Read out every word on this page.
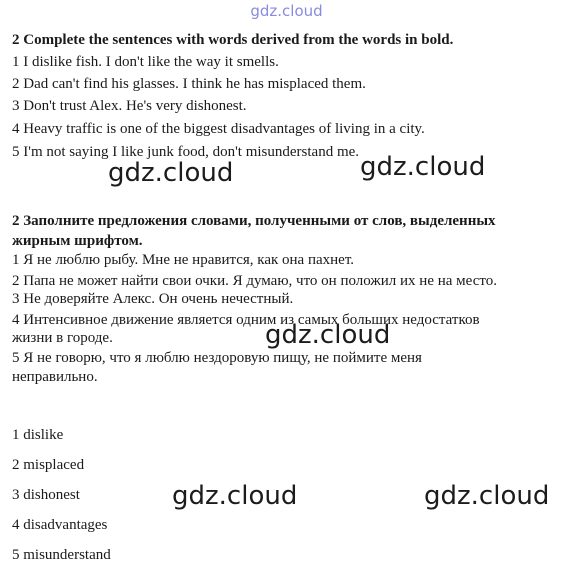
gdz.cloud
2 Complete the sentences with words derived from the words in bold.
1 I dislike fish. I don't like the way it smells.
2 Dad can't find his glasses. I think he has misplaced them.
3 Don't trust Alex. He's very dishonest.
4 Heavy traffic is one of the biggest disadvantages of living in a city.
5 I'm not saying I like junk food, don't misunderstand me.
gdz.cloud	gdz.cloud
2 Заполните предложения словами, полученными от слов, выделенных
жирным шрифтом.
1 Я не люблю рыбу. Мне не нравится, как она пахнет.
2 Папа не может найти свои очки. Я думаю, что он положил их не на место.
3 Не доверяйте Алекс. Он очень нечестный.
4 Интенсивное движение является одним из самых больших недостатков
жизни в городе.
5 Я не говорю, что я люблю нездоровую пищу, не поймите меня
неправильно.
gdz.cloud
1 dislike
2 misplaced
3 dishonest
4 disadvantages
5 misunderstand
gdz.cloud	gdz.cloud
